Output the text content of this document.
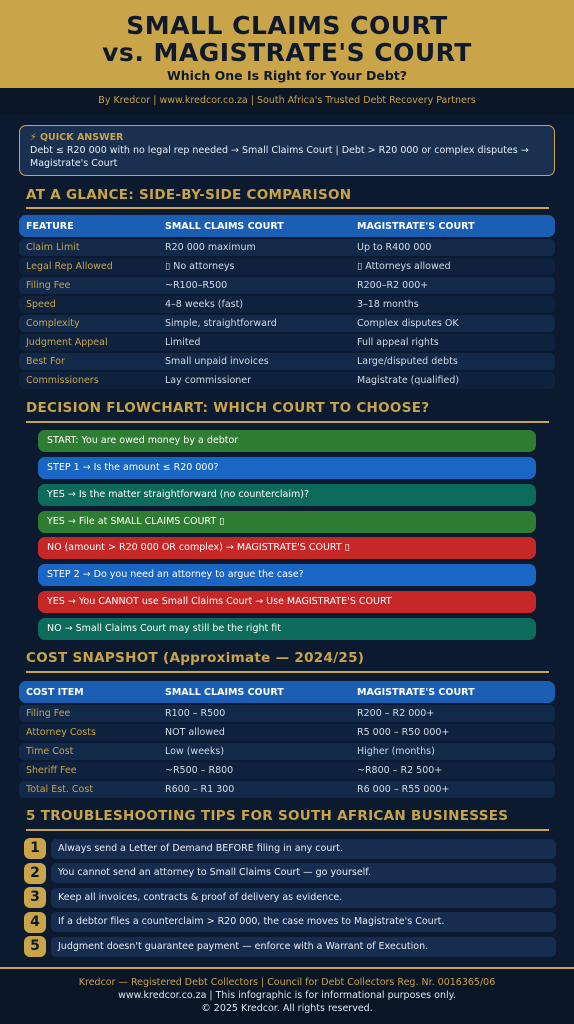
SMALL CLAIMS COURT
vs. MAGISTRATE'S COURT
Which One Is Right for Your Debt?
By Kredcor | www.kredcor.co.za | South Africa's Trusted Debt Recovery Partners
⚡ QUICK ANSWER
Debt ≤ R20 000 with no legal rep needed → Small Claims Court | Debt > R20 000 or complex disputes → Magistrate's Court
AT A GLANCE: SIDE-BY-SIDE COMPARISON
FEATURE	SMALL CLAIMS COURT	MAGISTRATE'S COURT
Claim Limit	R20 000 maximum	Up to R400 000
Legal Rep Allowed	▯ No attorneys	▯ Attorneys allowed
Filing Fee	~R100–R500	R200–R2 000+
Speed	4–8 weeks (fast)	3–18 months
Complexity	Simple, straightforward	Complex disputes OK
Judgment Appeal	Limited	Full appeal rights
Best For	Small unpaid invoices	Large/disputed debts
Commissioners	Lay commissioner	Magistrate (qualified)
DECISION FLOWCHART: WHICH COURT TO CHOOSE?
START: You are owed money by a debtor
STEP 1 → Is the amount ≤ R20 000?
YES → Is the matter straightforward (no counterclaim)?
YES → File at SMALL CLAIMS COURT ▯
NO (amount > R20 000 OR complex) → MAGISTRATE'S COURT ▯
STEP 2 → Do you need an attorney to argue the case?
YES → You CANNOT use Small Claims Court → Use MAGISTRATE'S COURT
NO → Small Claims Court may still be the right fit
COST SNAPSHOT (Approximate — 2024/25)
COST ITEM	SMALL CLAIMS COURT	MAGISTRATE'S COURT
Filing Fee	R100 – R500	R200 – R2 000+
Attorney Costs	NOT allowed	R5 000 – R50 000+
Time Cost	Low (weeks)	Higher (months)
Sheriff Fee	~R500 – R800	~R800 – R2 500+
Total Est. Cost	R600 – R1 300	R6 000 – R55 000+
5 TROUBLESHOOTING TIPS FOR SOUTH AFRICAN BUSINESSES
1	Always send a Letter of Demand BEFORE filing in any court.
2	You cannot send an attorney to Small Claims Court — go yourself.
3	Keep all invoices, contracts & proof of delivery as evidence.
4	If a debtor files a counterclaim > R20 000, the case moves to Magistrate's Court.
5	Judgment doesn't guarantee payment — enforce with a Warrant of Execution.
Kredcor — Registered Debt Collectors | Council for Debt Collectors Reg. Nr. 0016365/06
www.kredcor.co.za | This infographic is for informational purposes only.
© 2025 Kredcor. All rights reserved.
